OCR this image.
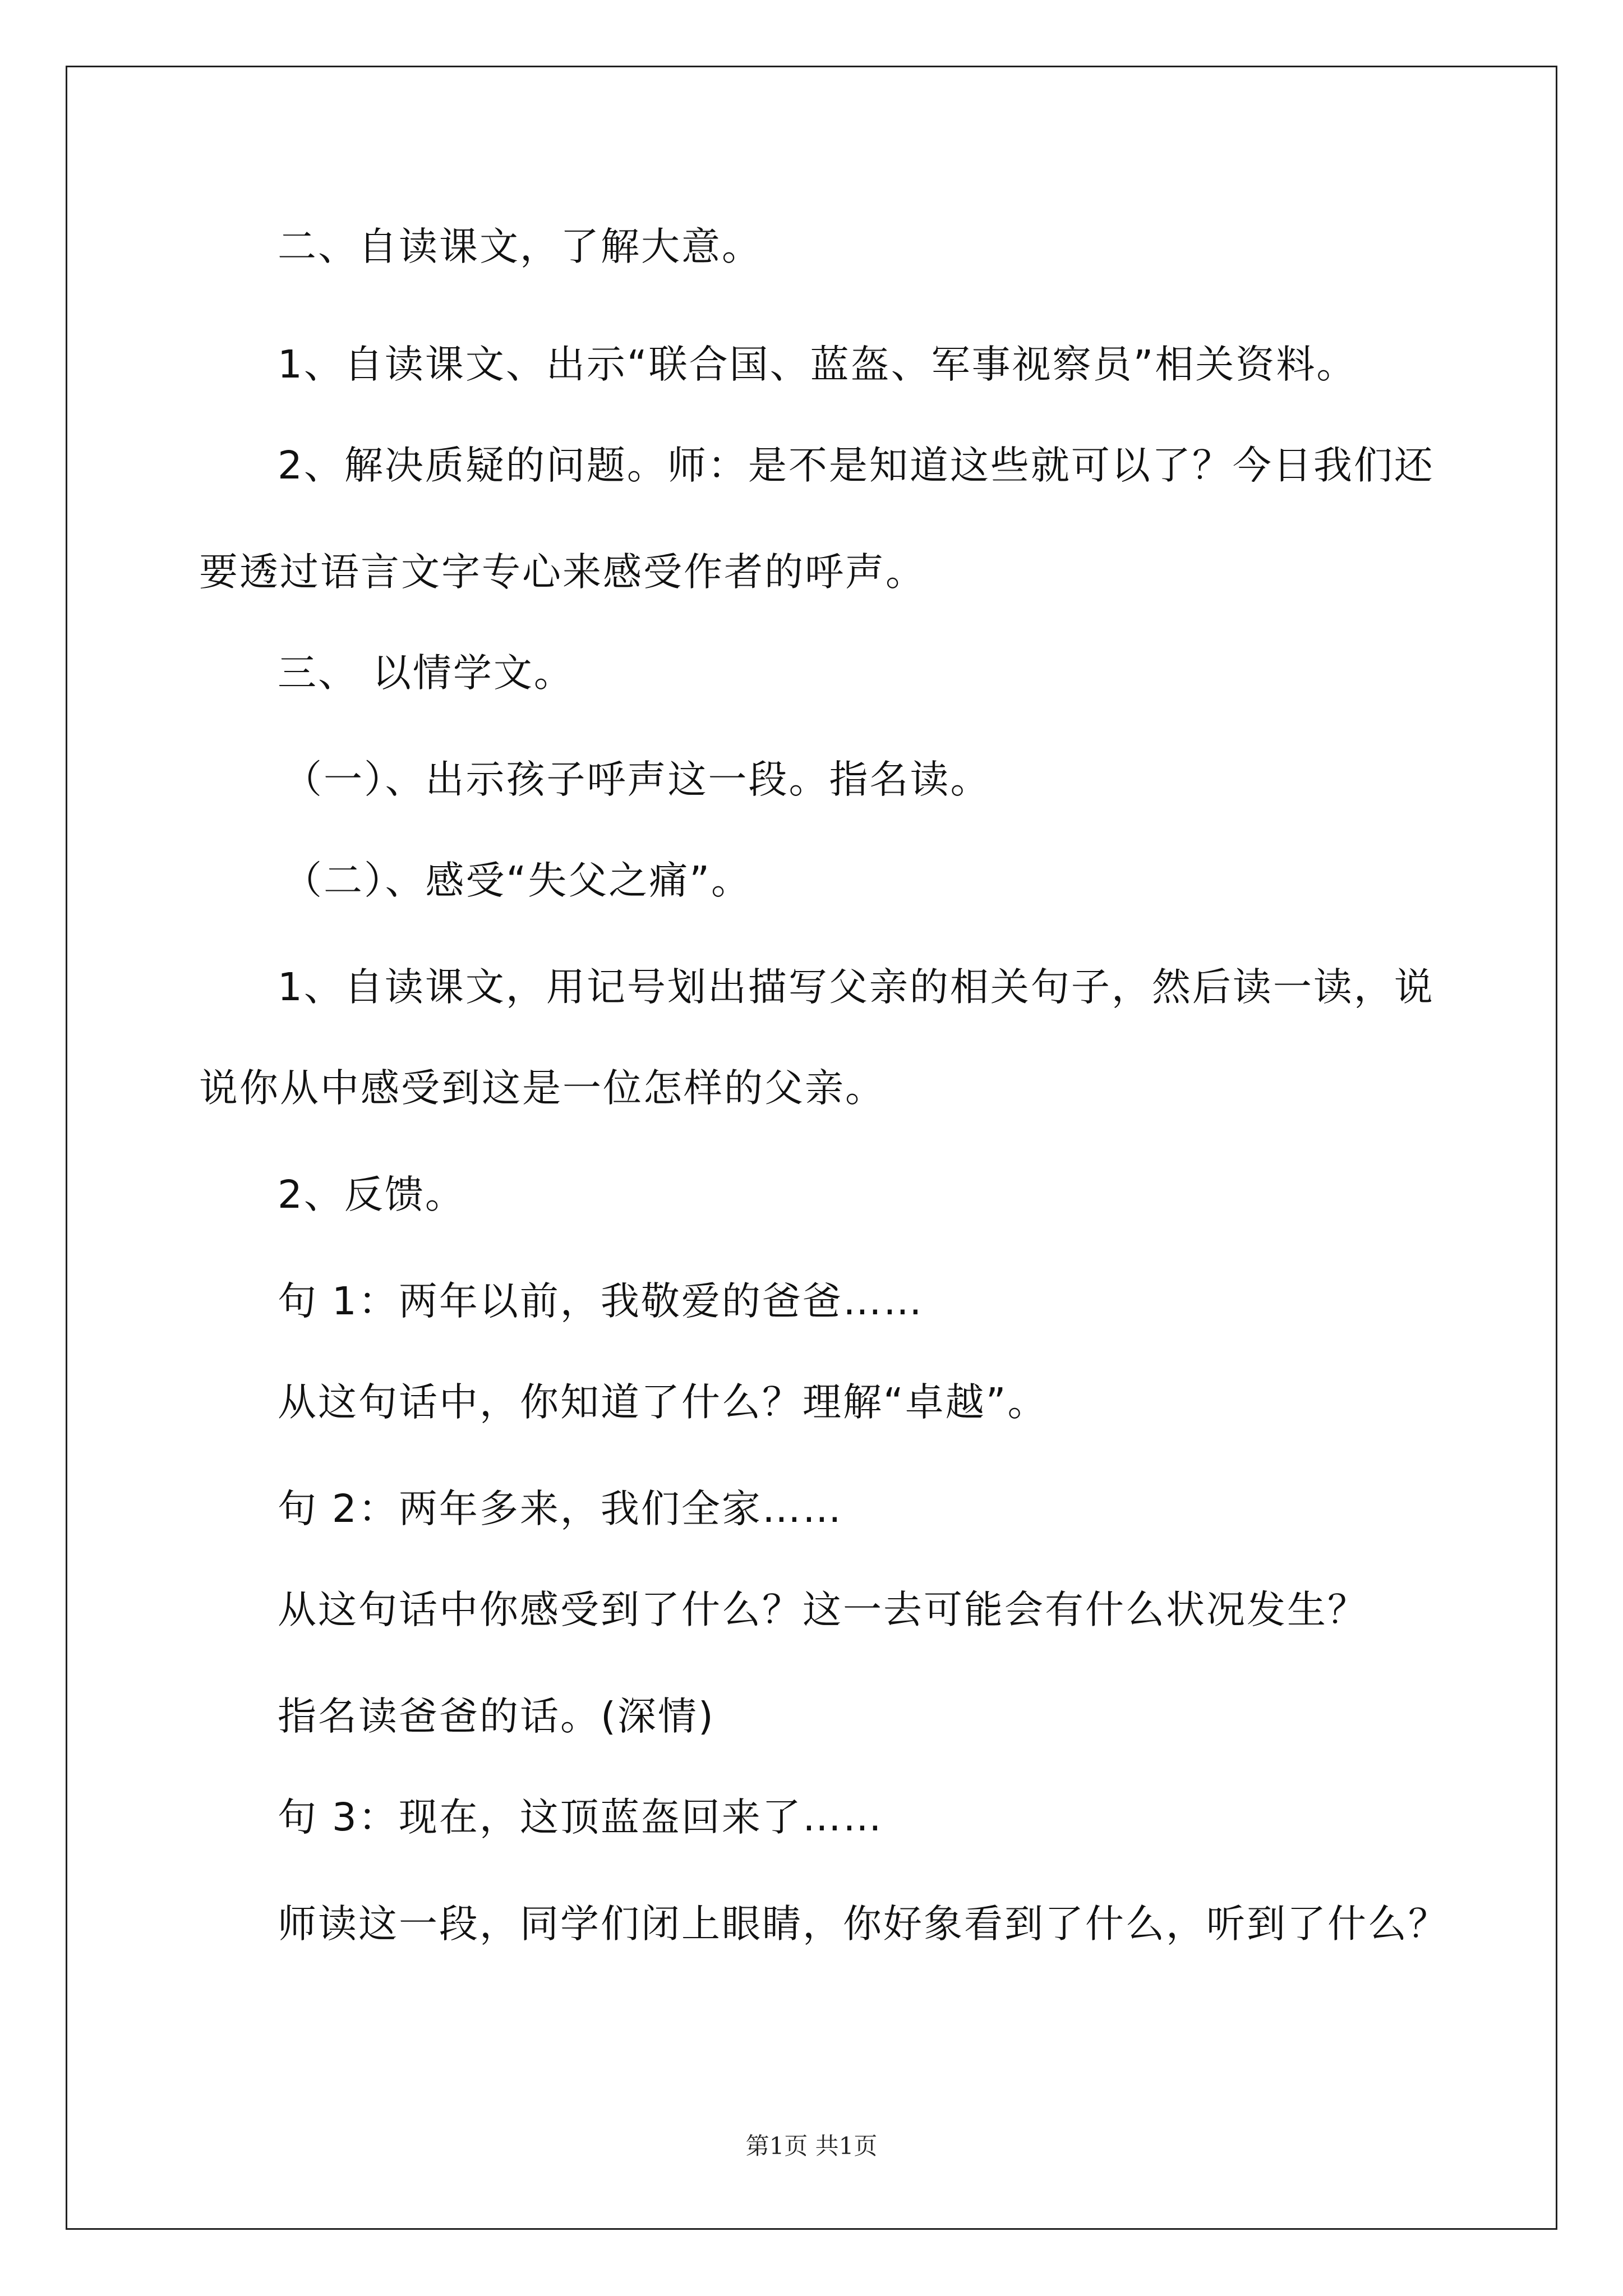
二、自读课文，了解大意。
1、自读课文、出示“联合国、蓝盔、军事视察员”相关资料。
2、解决质疑的问题。师：是不是知道这些就可以了？今日我们还
要透过语言文字专心来感受作者的呼声。
三、 以情学文。
（一）、出示孩子呼声这一段。指名读。
（二）、感受“失父之痛”。
1、自读课文，用记号划出描写父亲的相关句子，然后读一读，说
说你从中感受到这是一位怎样的父亲。
2、反馈。
句 1：两年以前，我敬爱的爸爸……
从这句话中，你知道了什么？理解“卓越”。
句 2：两年多来，我们全家……
从这句话中你感受到了什么？这一去可能会有什么状况发生？
指名读爸爸的话。(深情)
句 3：现在，这顶蓝盔回来了……
师读这一段，同学们闭上眼睛，你好象看到了什么，听到了什么？
第1页 共1页
